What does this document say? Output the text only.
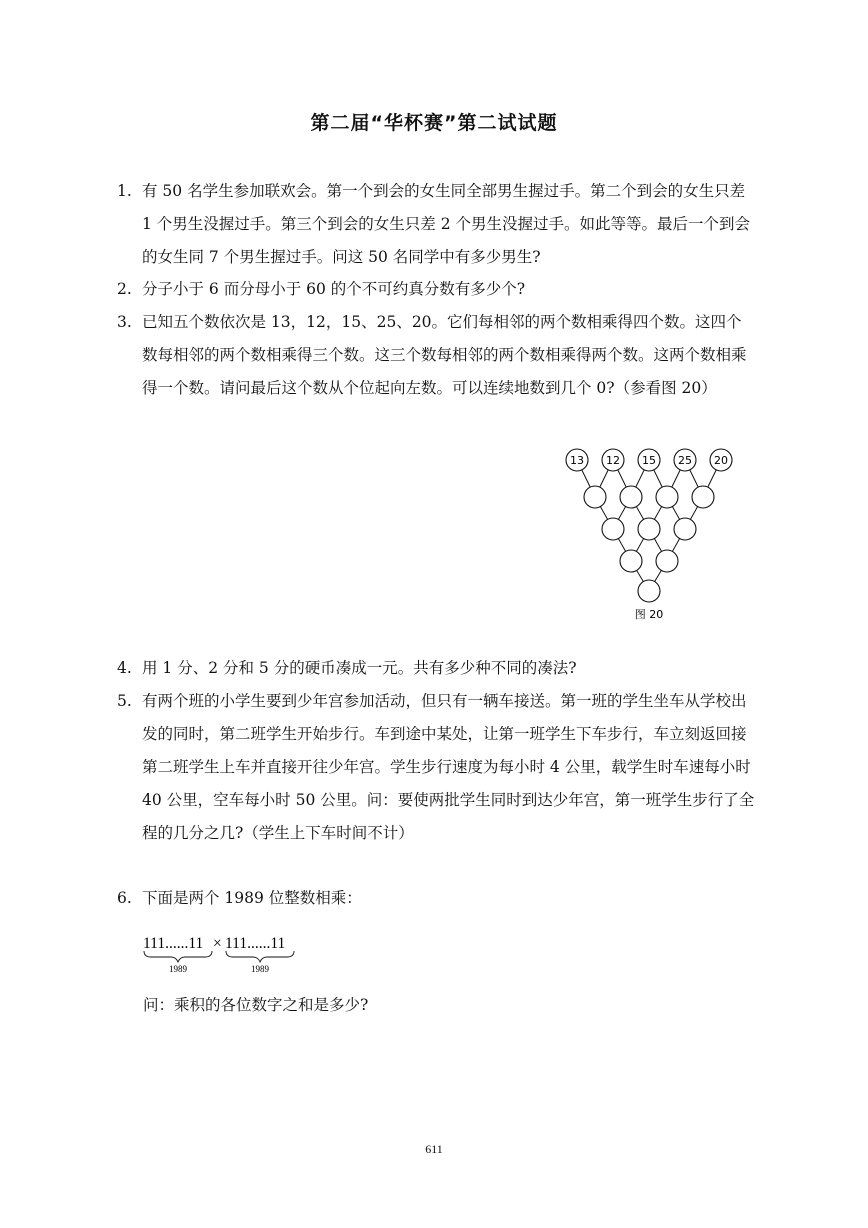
第二届“华杯赛”第二试试题
1. 有 50 名学生参加联欢会。第一个到会的女生同全部男生握过手。第二个到会的女生只差 1 个男生没握过手。第三个到会的女生只差 2 个男生没握过手。如此等等。最后一个到会的女生同 7 个男生握过手。问这 50 名同学中有多少男生?
2. 分子小于 6 而分母小于 60 的个不可约真分数有多少个?
3. 已知五个数依次是 13，12，15、25、20。它们每相邻的两个数相乘得四个数。这四个数每相邻的两个数相乘得三个数。这三个数每相邻的两个数相乘得两个数。这两个数相乘得一个数。请问最后这个数从个位起向左数。可以连续地数到几个 0?（参看图 20）
13 12 15 25 20
图 20
4. 用 1 分、2 分和 5 分的硬币凑成一元。共有多少种不同的凑法?
5. 有两个班的小学生要到少年宫参加活动，但只有一辆车接送。第一班的学生坐车从学校出发的同时，第二班学生开始步行。车到途中某处，让第一班学生下车步行，车立刻返回接第二班学生上车并直接开往少年宫。学生步行速度为每小时 4 公里，载学生时车速每小时 40 公里，空车每小时 50 公里。问：要使两批学生同时到达少年宫，第一班学生步行了全程的几分之几?（学生上下车时间不计）
6. 下面是两个 1989 位整数相乘：
111......11 × 111......11
1989	1989
问：乘积的各位数字之和是多少?
611
